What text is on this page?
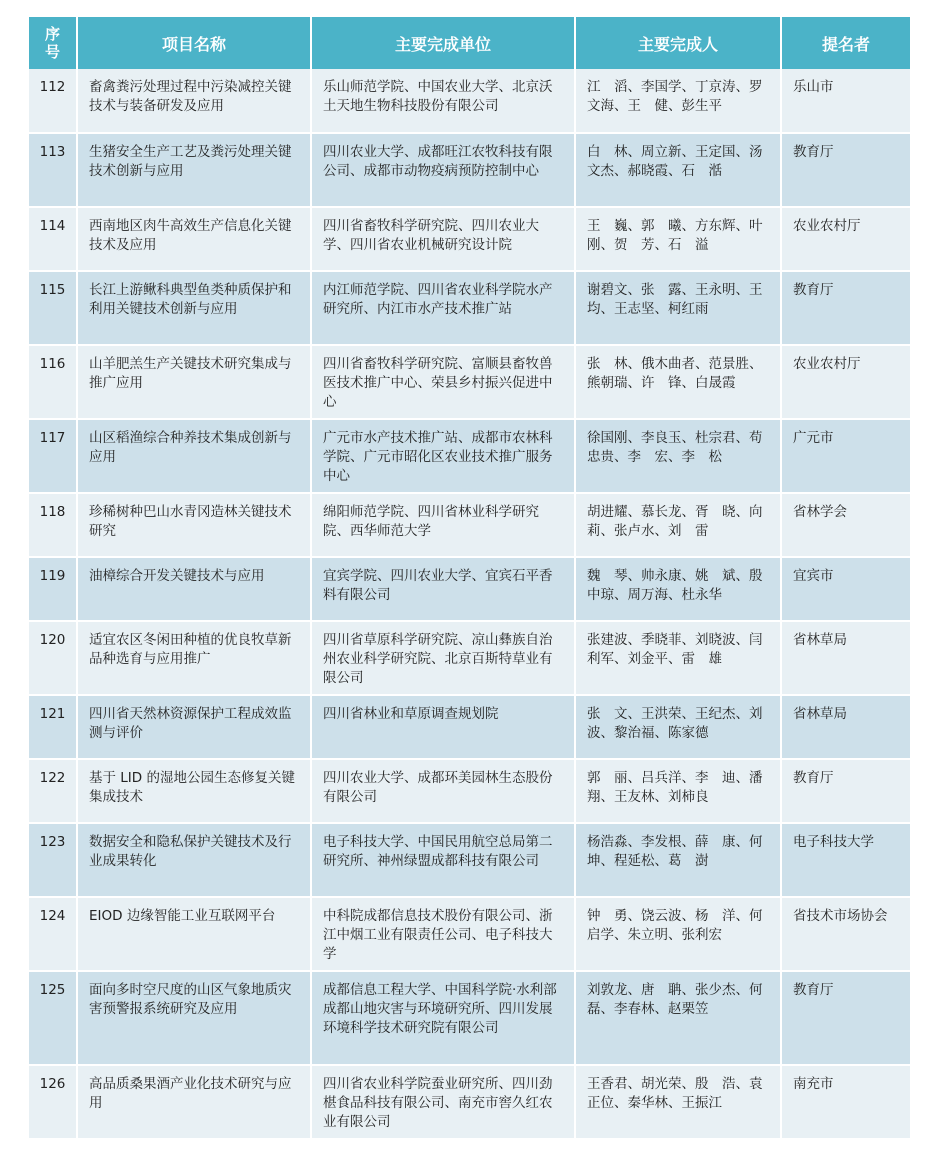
序
号	项目名称	主要完成单位	主要完成人	提名者
112	畜禽粪污处理过程中污染减控关键技术与装备研发及应用	乐山师范学院、中国农业大学、北京沃土天地生物科技股份有限公司	江　滔、李国学、丁京涛、罗文海、王　健、彭生平	乐山市
113	生猪安全生产工艺及粪污处理关键技术创新与应用	四川农业大学、成都旺江农牧科技有限公司、成都市动物疫病预防控制中心	白　林、周立新、王定国、汤文杰、郝晓霞、石　湉	教育厅
114	西南地区肉牛高效生产信息化关键技术及应用	四川省畜牧科学研究院、四川农业大学、四川省农业机械研究设计院	王　巍、郭　曦、方东辉、叶　刚、贺　芳、石　溢	农业农村厅
115	长江上游鳅科典型鱼类种质保护和利用关键技术创新与应用	内江师范学院、四川省农业科学院水产研究所、内江市水产技术推广站	谢碧文、张　露、王永明、王　均、王志坚、柯红雨	教育厅
116	山羊肥羔生产关键技术研究集成与推广应用	四川省畜牧科学研究院、富顺县畜牧兽医技术推广中心、荣县乡村振兴促进中心	张　林、俄木曲者、范景胜、熊朝瑞、许　锋、白晟霞	农业农村厅
117	山区稻渔综合种养技术集成创新与应用	广元市水产技术推广站、成都市农林科学院、广元市昭化区农业技术推广服务中心	徐国刚、李良玉、杜宗君、苟忠贵、李　宏、李　松	广元市
118	珍稀树种巴山水青冈造林关键技术研究	绵阳师范学院、四川省林业科学研究院、西华师范大学	胡进耀、慕长龙、胥　晓、向　莉、张卢水、刘　雷	省林学会
119	油樟综合开发关键技术与应用	宜宾学院、四川农业大学、宜宾石平香料有限公司	魏　琴、帅永康、姚　斌、殷中琼、周万海、杜永华	宜宾市
120	适宜农区冬闲田种植的优良牧草新品种选育与应用推广	四川省草原科学研究院、凉山彝族自治州农业科学研究院、北京百斯特草业有限公司	张建波、季晓菲、刘晓波、闫利军、刘金平、雷　雄	省林草局
121	四川省天然林资源保护工程成效监测与评价	四川省林业和草原调查规划院	张　文、王洪荣、王纪杰、刘　波、黎治福、陈家德	省林草局
122	基于 LID 的湿地公园生态修复关键集成技术	四川农业大学、成都环美园林生态股份有限公司	郭　丽、吕兵洋、李　迪、潘　翔、王友林、刘柿良	教育厅
123	数据安全和隐私保护关键技术及行业成果转化	电子科技大学、中国民用航空总局第二研究所、神州绿盟成都科技有限公司	杨浩淼、李发根、薛　康、何　坤、程延松、葛　澍	电子科技大学
124	EIOD 边缘智能工业互联网平台	中科院成都信息技术股份有限公司、浙江中烟工业有限责任公司、电子科技大学	钟　勇、饶云波、杨　洋、何启学、朱立明、张利宏	省技术市场协会
125	面向多时空尺度的山区气象地质灾害预警报系统研究及应用	成都信息工程大学、中国科学院·水利部成都山地灾害与环境研究所、四川发展环境科学技术研究院有限公司	刘敦龙、唐　聃、张少杰、何　磊、李春林、赵栗笠	教育厅
126	高品质桑果酒产业化技术研究与应用	四川省农业科学院蚕业研究所、四川劲椹食品科技有限公司、南充市窖久红农业有限公司	王香君、胡光荣、殷　浩、袁正位、秦华林、王振江	南充市
